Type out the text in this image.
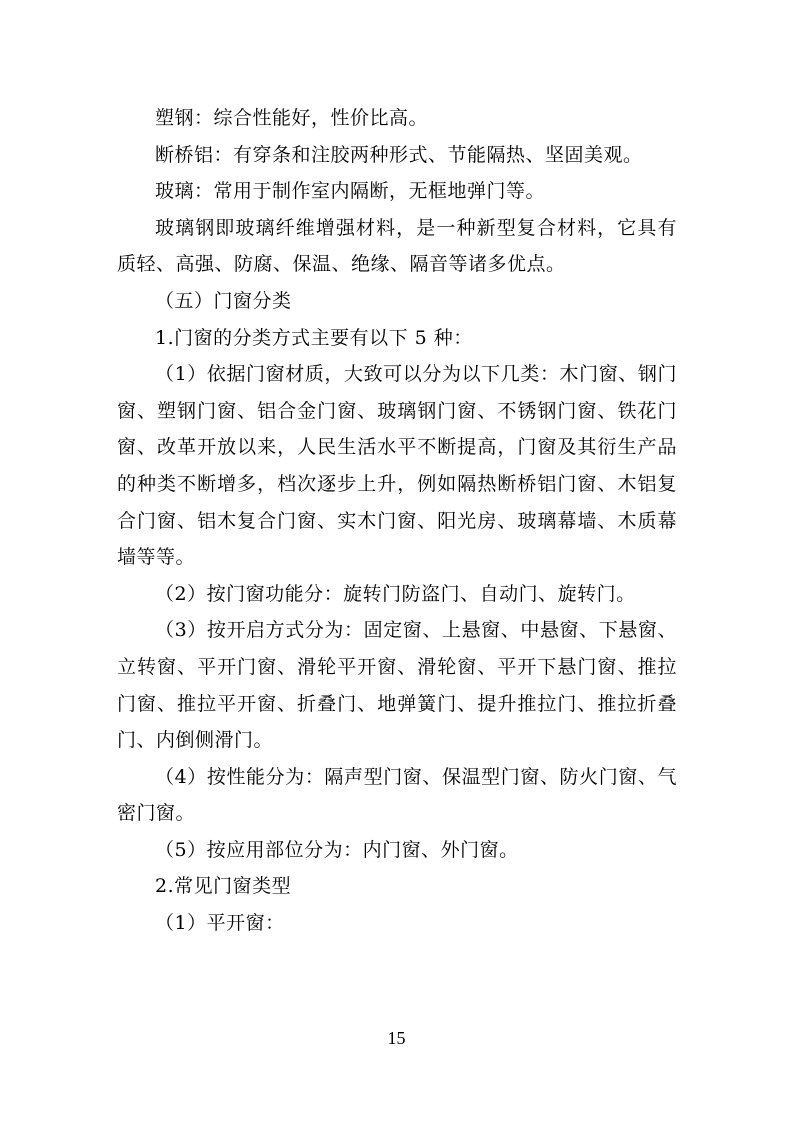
塑钢：综合性能好，性价比高。

断桥铝：有穿条和注胶两种形式、节能隔热、坚固美观。

玻璃：常用于制作室内隔断，无框地弹门等。

玻璃钢即玻璃纤维增强材料，是一种新型复合材料，它具有质轻、高强、防腐、保温、绝缘、隔音等诸多优点。

（五）门窗分类

1.门窗的分类方式主要有以下 5 种：

（1）依据门窗材质，大致可以分为以下几类：木门窗、钢门窗、塑钢门窗、铝合金门窗、玻璃钢门窗、不锈钢门窗、铁花门窗、改革开放以来，人民生活水平不断提高，门窗及其衍生产品的种类不断增多，档次逐步上升，例如隔热断桥铝门窗、木铝复合门窗、铝木复合门窗、实木门窗、阳光房、玻璃幕墙、木质幕墙等等。

（2）按门窗功能分：旋转门防盗门、自动门、旋转门。

（3）按开启方式分为：固定窗、上悬窗、中悬窗、下悬窗、立转窗、平开门窗、滑轮平开窗、滑轮窗、平开下悬门窗、推拉门窗、推拉平开窗、折叠门、地弹簧门、提升推拉门、推拉折叠门、内倒侧滑门。

（4）按性能分为：隔声型门窗、保温型门窗、防火门窗、气密门窗。

（5）按应用部位分为：内门窗、外门窗。

2.常见门窗类型

（1）平开窗：

15
